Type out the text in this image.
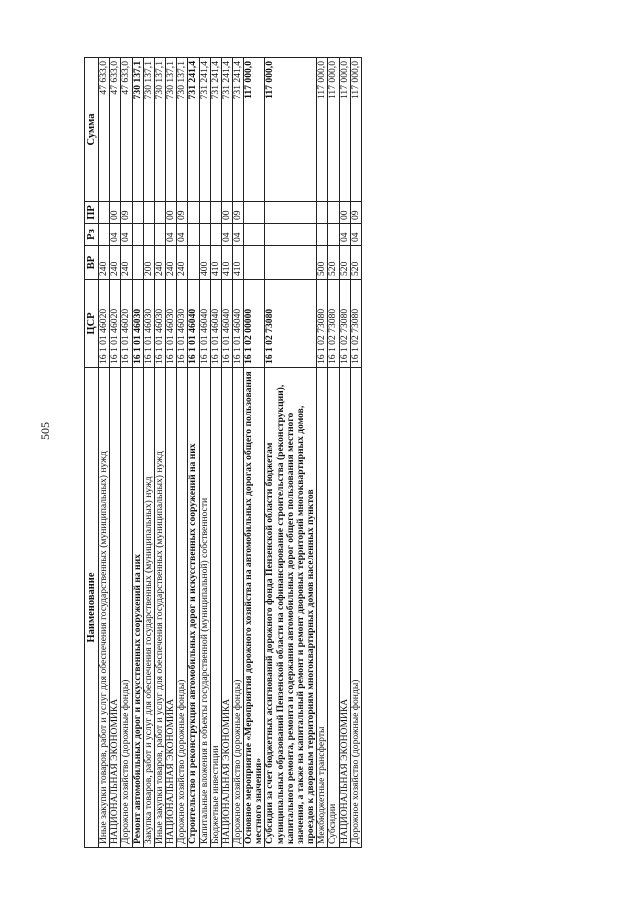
505
Наименование	ЦСР	ВР	Рз	ПР	Сумма
Иные закупки товаров, работ и услуг для обеспечения государственных (муниципальных) нужд	16 1 01 46020	240			47 633,0
НАЦИОНАЛЬНАЯ ЭКОНОМИКА	16 1 01 46020	240	04	00	47 633,0
Дорожное хозяйство (дорожные фонды)	16 1 01 46020	240	04	09	47 633,0
Ремонт автомобильных дорог и искусственных сооружений на них	16 1 01 46030				730 137,1
Закупка товаров, работ и услуг для обеспечения государственных (муниципальных) нужд	16 1 01 46030	200			730 137,1
Иные закупки товаров, работ и услуг для обеспечения государственных (муниципальных) нужд	16 1 01 46030	240			730 137,1
НАЦИОНАЛЬНАЯ ЭКОНОМИКА	16 1 01 46030	240	04	00	730 137,1
Дорожное хозяйство (дорожные фонды)	16 1 01 46030	240	04	09	730 137,1
Строительство и реконструкция автомобильных дорог и искусственных сооружений на них	16 1 01 46040				731 241,4
Капитальные вложения в объекты государственной (муниципальной) собственности	16 1 01 46040	400			731 241,4
Бюджетные инвестиции	16 1 01 46040	410			731 241,4
НАЦИОНАЛЬНАЯ ЭКОНОМИКА	16 1 01 46040	410	04	00	731 241,4
Дорожное хозяйство (дорожные фонды)	16 1 01 46040	410	04	09	731 241,4
Основное мероприятие «Мероприятия дорожного хозяйства на автомобильных дорогах общего пользования местного значения»	16 1 02 00000				117 000,0
Субсидии за счет бюджетных ассигнований дорожного фонда Пензенской области бюджетам муниципальных образований Пензенской области на софинансирование строительства (реконструкции), капитального ремонта, ремонта и содержания автомобильных дорог общего пользования местного значения, а также на капитальный ремонт и ремонт дворовых территорий многоквартирных домов, проездов к дворовым территориям многоквартирных домов населенных пунктов	16 1 02 73080				117 000,0
Межбюджетные трансферты	16 1 02 73080	500			117 000,0
Субсидии	16 1 02 73080	520			117 000,0
НАЦИОНАЛЬНАЯ ЭКОНОМИКА	16 1 02 73080	520	04	00	117 000,0
Дорожное хозяйство (дорожные фонды)	16 1 02 73080	520	04	09	117 000,0
